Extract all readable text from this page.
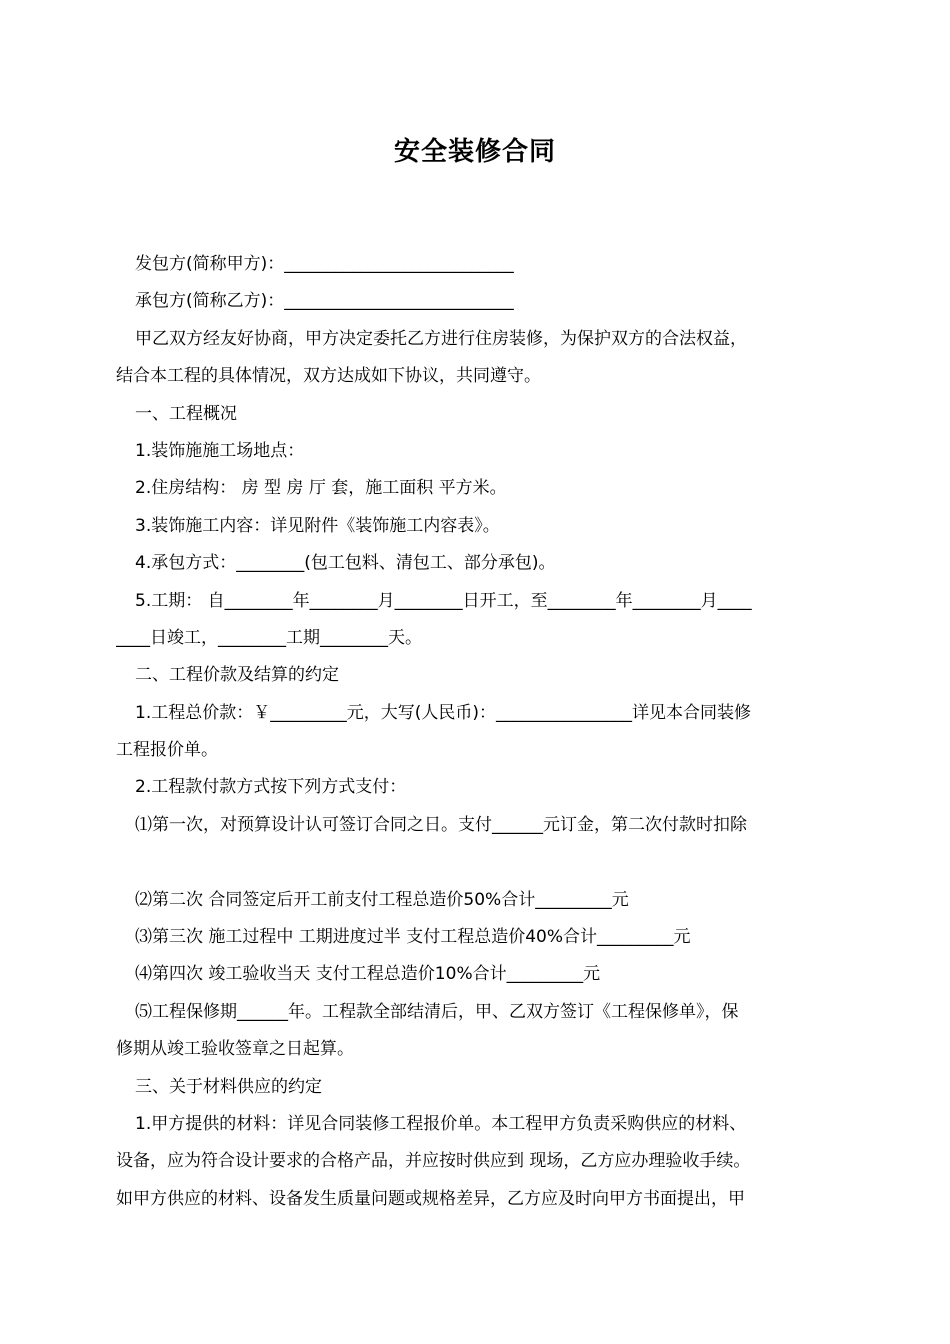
安全装修合同
发包方(简称甲方)：___________________________
承包方(简称乙方)：___________________________
甲乙双方经友好协商，甲方决定委托乙方进行住房装修，为保护双方的合法权益，
结合本工程的具体情况，双方达成如下协议，共同遵守。
一、工程概况
1.装饰施施工场地点：
2.住房结构： 房 型 房 厅 套，施工面积 平方米。
3.装饰施工内容：详见附件《装饰施工内容表》。
4.承包方式：________(包工包料、清包工、部分承包)。
5.工期： 自________年________月________日开工，至________年________月____
____日竣工，________工期________天。
二、工程价款及结算的约定
1.工程总价款：￥_________元，大写(人民币)：________________详见本合同装修
工程报价单。
2.工程款付款方式按下列方式支付：
⑴第一次，对预算设计认可签订合同之日。支付______元订金，第二次付款时扣除
⑵第二次 合同签定后开工前支付工程总造价50%合计_________元
⑶第三次 施工过程中 工期进度过半 支付工程总造价40%合计_________元
⑷第四次 竣工验收当天 支付工程总造价10%合计_________元
⑸工程保修期______年。工程款全部结清后，甲、乙双方签订《工程保修单》，保
修期从竣工验收签章之日起算。
三、关于材料供应的约定
1.甲方提供的材料：详见合同装修工程报价单。本工程甲方负责采购供应的材料、
设备，应为符合设计要求的合格产品，并应按时供应到 现场，乙方应办理验收手续。
如甲方供应的材料、设备发生质量问题或规格差异，乙方应及时向甲方书面提出，甲
